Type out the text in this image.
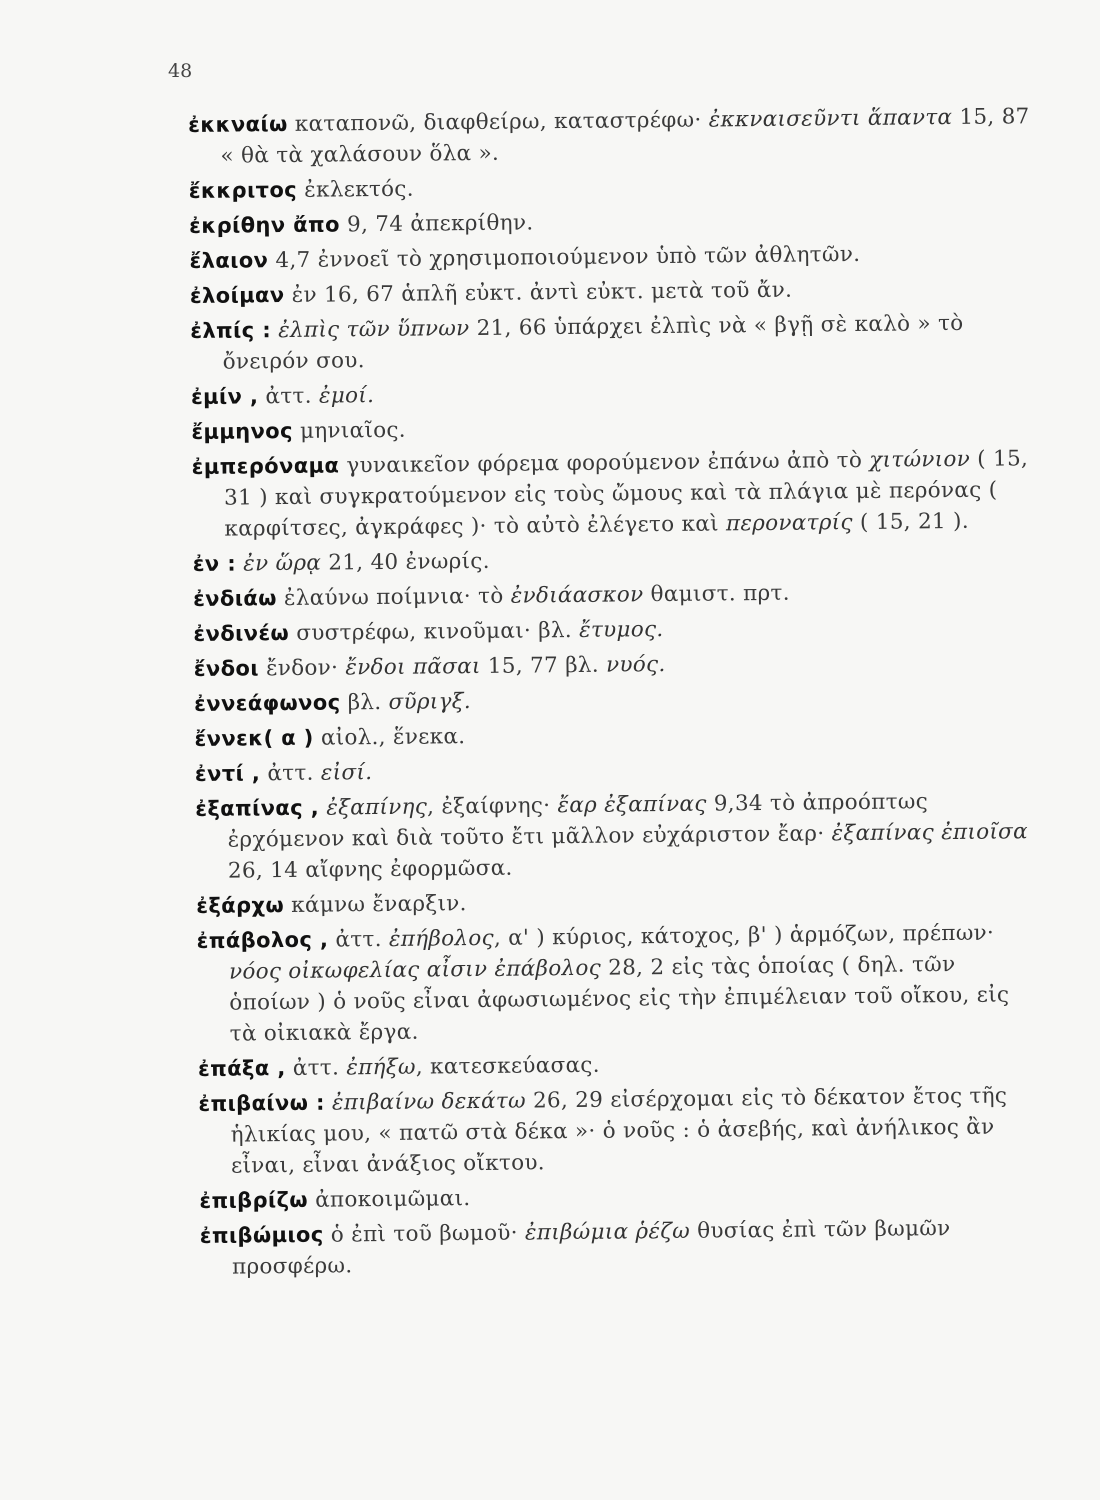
48

ἐκκναίω καταπονῶ, διαφθείρω, καταστρέφω· ἐκκναισεῦντι ἅπαντα 15, 87 « θὰ τὰ χαλάσουν ὅλα ».

ἔκκριτος ἐκλεκτός.

ἐκρίθην ἄπο 9, 74 ἀπεκρίθην.

ἔλαιον 4,7 ἐννοεῖ τὸ χρησιμοποιούμενον ὑπὸ τῶν ἀθλητῶν.

ἐλοίμαν ἐν 16, 67 ἁπλῆ εὐκτ. ἀντὶ εὐκτ. μετὰ τοῦ ἄν.

ἐλπίς : ἐλπὶς τῶν ὕπνων 21, 66 ὑπάρχει ἐλπὶς νὰ « βγῇ σὲ καλὸ » τὸ ὄνειρόν σου.

ἐμίν , ἀττ. ἐμοί.

ἔμμηνος μηνιαῖος.

ἐμπερόναμα γυναικεῖον φόρεμα φορούμενον ἐπάνω ἀπὸ τὸ χιτώνιον ( 15, 31 ) καὶ συγκρατούμενον εἰς τοὺς ὤμους καὶ τὰ πλάγια μὲ περόνας ( καρφίτσες, ἀγκράφες )· τὸ αὐτὸ ἐλέγετο καὶ περονατρίς ( 15, 21 ).

ἐν : ἐν ὥρᾳ 21, 40 ἐνωρίς.

ἐνδιάω ἐλαύνω ποίμνια· τὸ ἐνδιάασκον θαμιστ. πρτ.

ἐνδινέω συστρέφω, κινοῦμαι· βλ. ἔτυμος.

ἔνδοι ἔνδον· ἔνδοι πᾶσαι 15, 77 βλ. νυός.

ἐννεάφωνος βλ. σῦριγξ.

ἔννεκ( α ) αἰολ., ἕνεκα.

ἐντί , ἀττ. εἰσί.

ἐξαπίνας , ἐξαπίνης, ἐξαίφνης· ἔαρ ἐξαπίνας 9,34 τὸ ἀπροόπτως ἐρχόμενον καὶ διὰ τοῦτο ἔτι μᾶλλον εὐχάριστον ἔαρ· ἐξαπίνας ἐπιοῖσα 26, 14 αἴφνης ἐφορμῶσα.

ἐξάρχω κάμνω ἔναρξιν.

ἐπάβολος , ἀττ. ἐπήβολος, α' ) κύριος, κάτοχος, β' ) ἁρμόζων, πρέπων· νόος οἰκωφελίας αἶσιν ἐπάβολος 28, 2 εἰς τὰς ὁποίας ( δηλ. τῶν ὁποίων ) ὁ νοῦς εἶναι ἀφωσιωμένος εἰς τὴν ἐπιμέλειαν τοῦ οἴκου, εἰς τὰ οἰκιακὰ ἔργα.

ἐπάξα , ἀττ. ἐπήξω, κατεσκεύασας.

ἐπιβαίνω : ἐπιβαίνω δεκάτω 26, 29 εἰσέρχομαι εἰς τὸ δέκατον ἔτος τῆς ἡλικίας μου, « πατῶ στὰ δέκα »· ὁ νοῦς : ὁ ἀσεβής, καὶ ἀνήλικος ἂν εἶναι, εἶναι ἀνάξιος οἴκτου.

ἐπιβρίζω ἀποκοιμῶμαι.

ἐπιβώμιος ὁ ἐπὶ τοῦ βωμοῦ· ἐπιβώμια ῥέζω θυσίας ἐπὶ τῶν βωμῶν προσφέρω.
